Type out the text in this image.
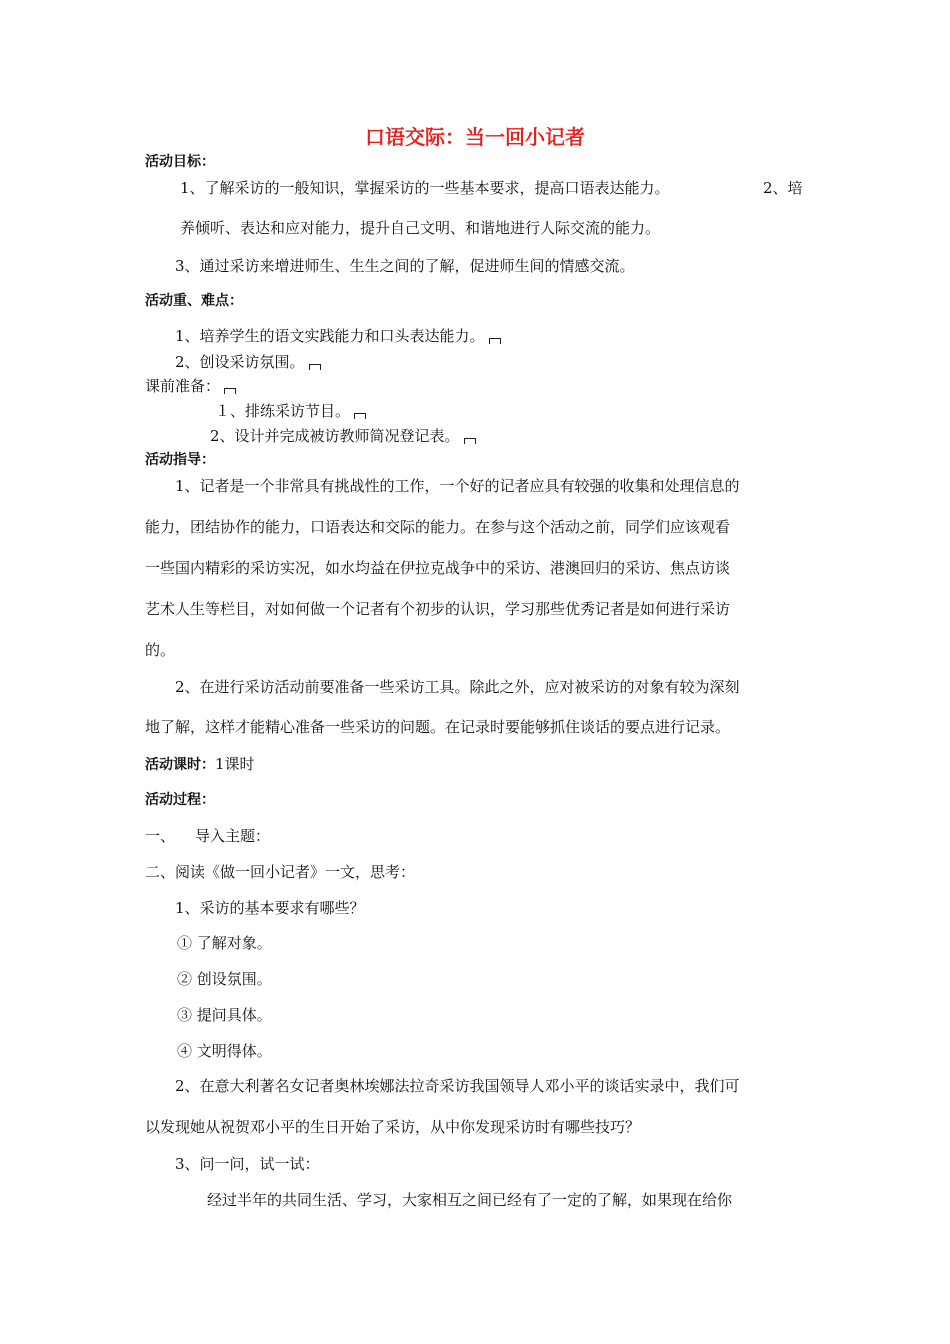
口语交际：当一回小记者
活动目标：
1、了解采访的一般知识，掌握采访的一些基本要求，提高口语表达能力。	2、培
养倾听、表达和应对能力，提升自己文明、和谐地进行人际交流的能力。
3、通过采访来增进师生、生生之间的了解，促进师生间的情感交流。
活动重、难点：
1、培养学生的语文实践能力和口头表达能力。
2、创设采访氛围。
课前准备：
１、排练采访节目。
2、设计并完成被访教师简况登记表。
活动指导：
1、记者是一个非常具有挑战性的工作，一个好的记者应具有较强的收集和处理信息的
能力，团结协作的能力，口语表达和交际的能力。在参与这个活动之前，同学们应该观看
一些国内精彩的采访实况，如水均益在伊拉克战争中的采访、港澳回归的采访、焦点访谈
艺术人生等栏目，对如何做一个记者有个初步的认识，学习那些优秀记者是如何进行采访
的。
2、在进行采访活动前要准备一些采访工具。除此之外，应对被采访的对象有较为深刻
地了解，这样才能精心准备一些采访的问题。在记录时要能够抓住谈话的要点进行记录。
活动课时：1课时
活动过程：
一、 导入主题：
二、阅读《做一回小记者》一文，思考：
1、采访的基本要求有哪些？
① 了解对象。
② 创设氛围。
③ 提问具体。
④ 文明得体。
2、在意大利著名女记者奥林埃娜法拉奇采访我国领导人邓小平的谈话实录中，我们可
以发现她从祝贺邓小平的生日开始了采访，从中你发现采访时有哪些技巧？
3、问一问，试一试：
经过半年的共同生活、学习，大家相互之间已经有了一定的了解，如果现在给你
